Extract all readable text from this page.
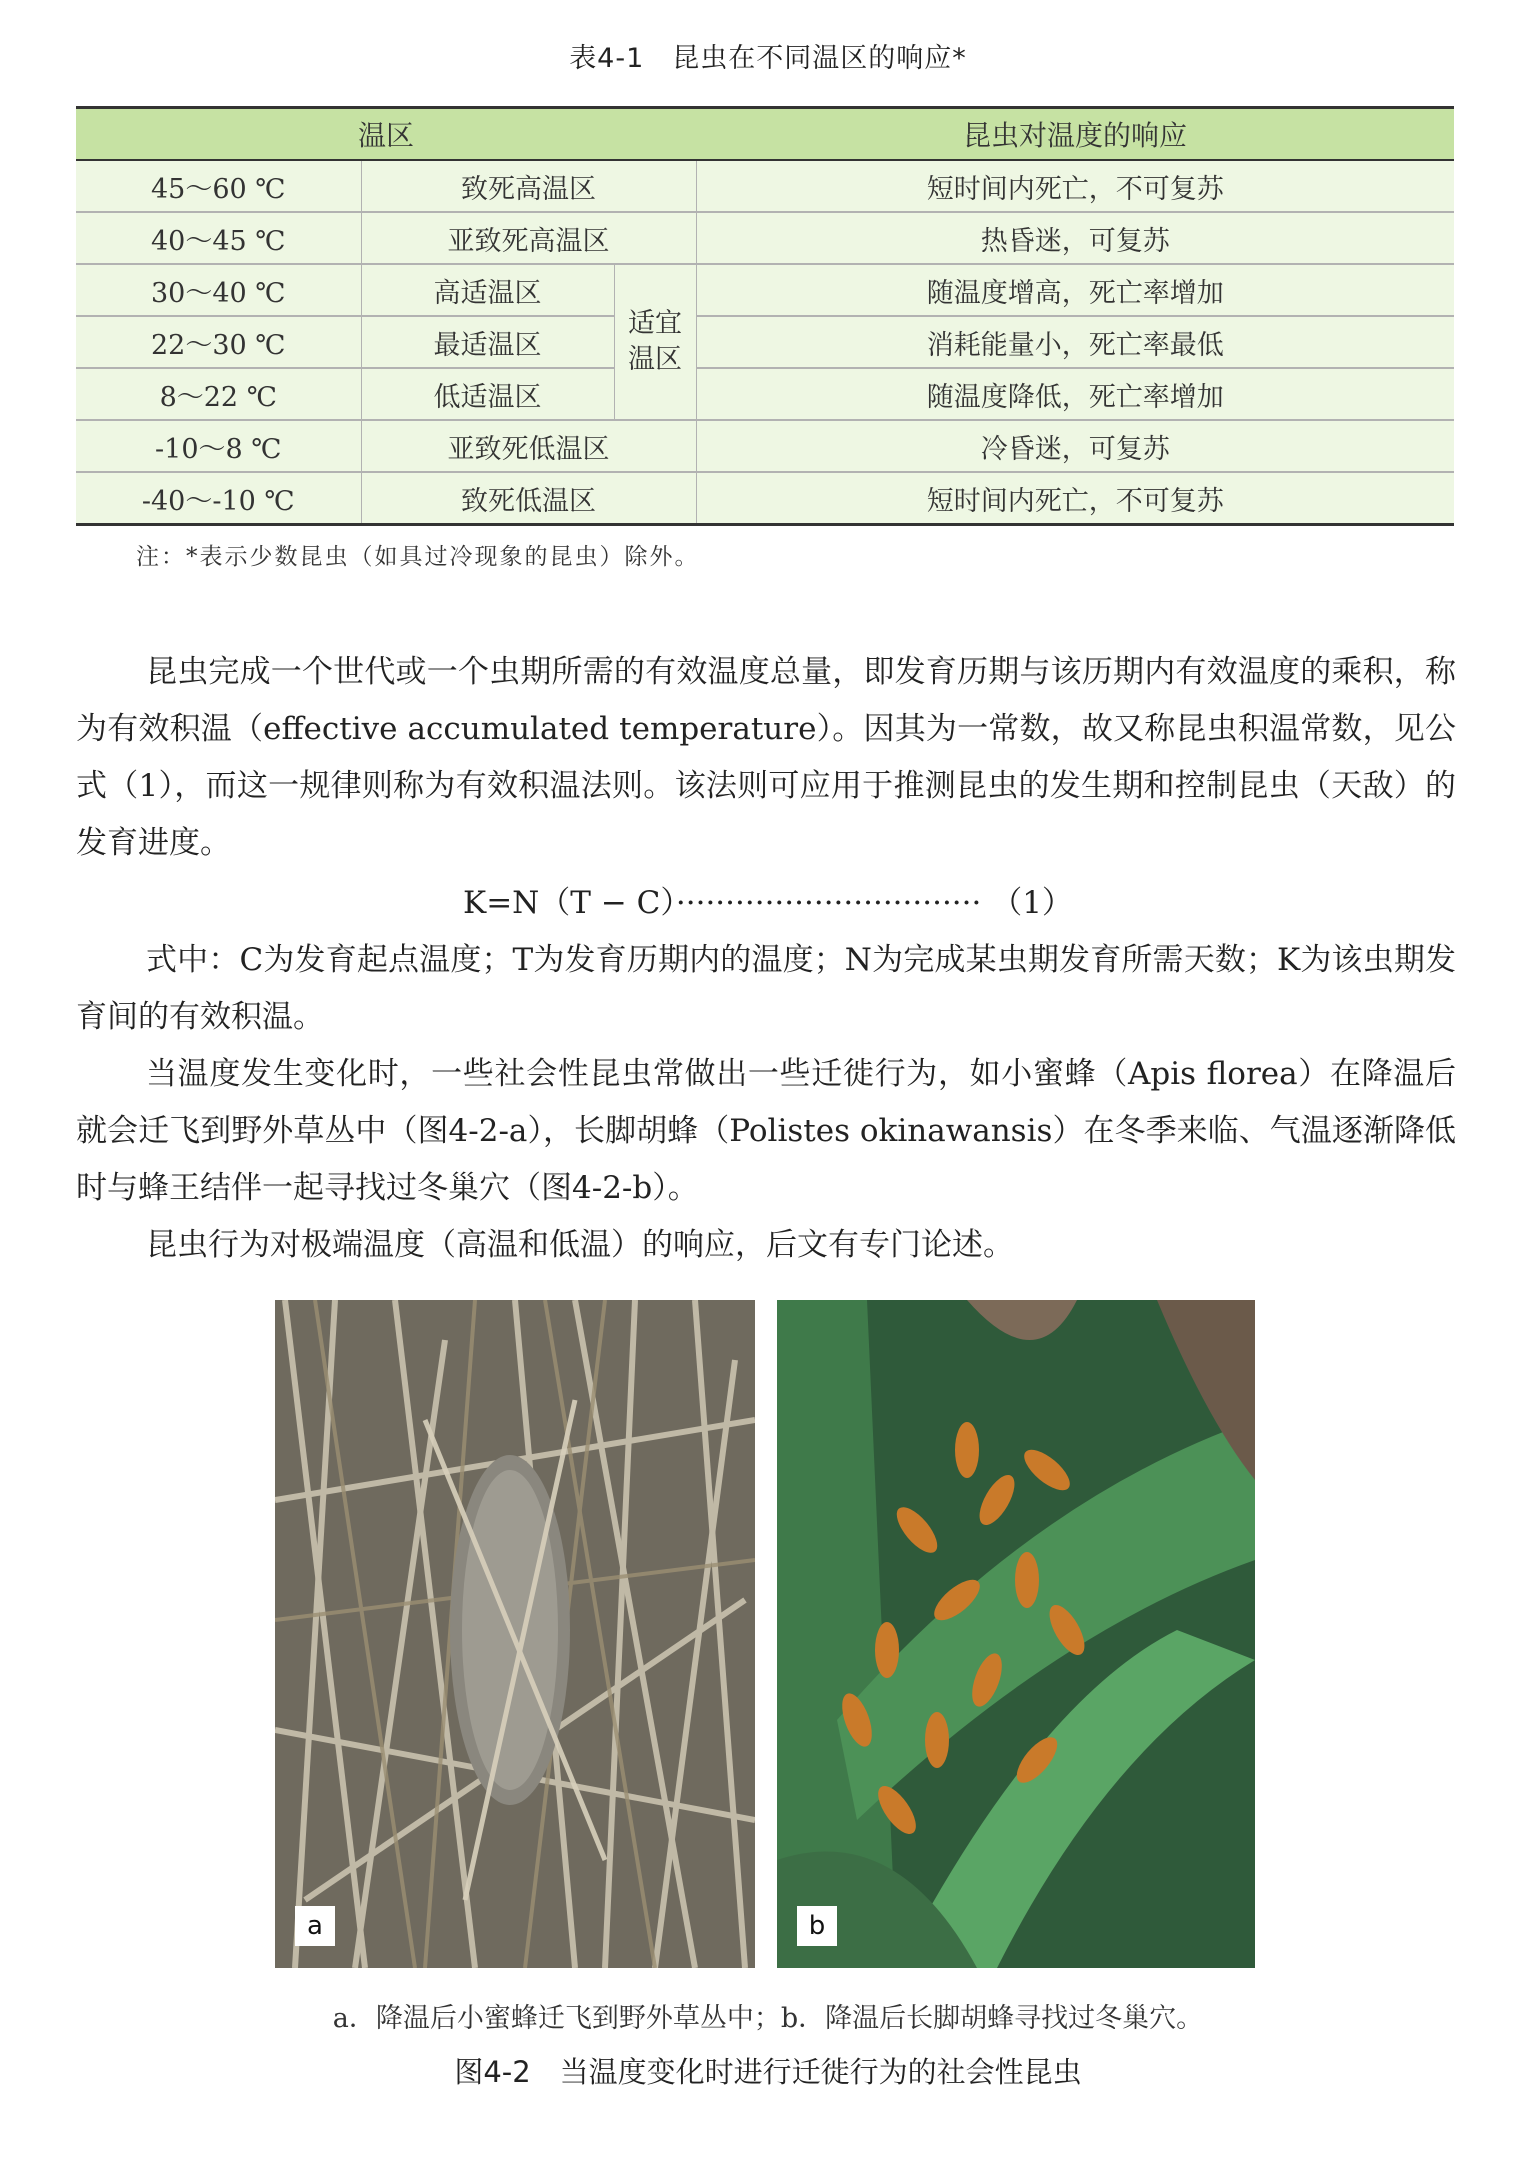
表4-1　昆虫在不同温区的响应*
温区			昆虫对温度的响应
45～60 ℃	致死高温区		短时间内死亡，不可复苏
40～45 ℃	亚致死高温区		热昏迷，可复苏
30～40 ℃	高适温区	适宜温区	随温度增高，死亡率增加
22～30 ℃	最适温区		消耗能量小，死亡率最低
8～22 ℃	低适温区		随温度降低，死亡率增加
-10～8 ℃	亚致死低温区		冷昏迷，可复苏
-40～-10 ℃	致死低温区		短时间内死亡，不可复苏
注：*表示少数昆虫（如具过冷现象的昆虫）除外。

昆虫完成一个世代或一个虫期所需的有效温度总量，即发育历期与该历期内有效温度的乘积，称为有效积温（effective accumulated temperature）。因其为一常数，故又称昆虫积温常数，见公式（1），而这一规律则称为有效积温法则。该法则可应用于推测昆虫的发生期和控制昆虫（天敌）的发育进度。

K=N（T − C）······························· （1）

式中：C为发育起点温度；T为发育历期内的温度；N为完成某虫期发育所需天数；K为该虫期发育间的有效积温。

当温度发生变化时，一些社会性昆虫常做出一些迁徙行为，如小蜜蜂（Apis florea）在降温后就会迁飞到野外草丛中（图4-2-a），长脚胡蜂（Polistes okinawansis）在冬季来临、气温逐渐降低时与蜂王结伴一起寻找过冬巢穴（图4-2-b）。

昆虫行为对极端温度（高温和低温）的响应，后文有专门论述。

a	b
a．降温后小蜜蜂迁飞到野外草丛中；b．降温后长脚胡蜂寻找过冬巢穴。
图4-2　当温度变化时进行迁徙行为的社会性昆虫
